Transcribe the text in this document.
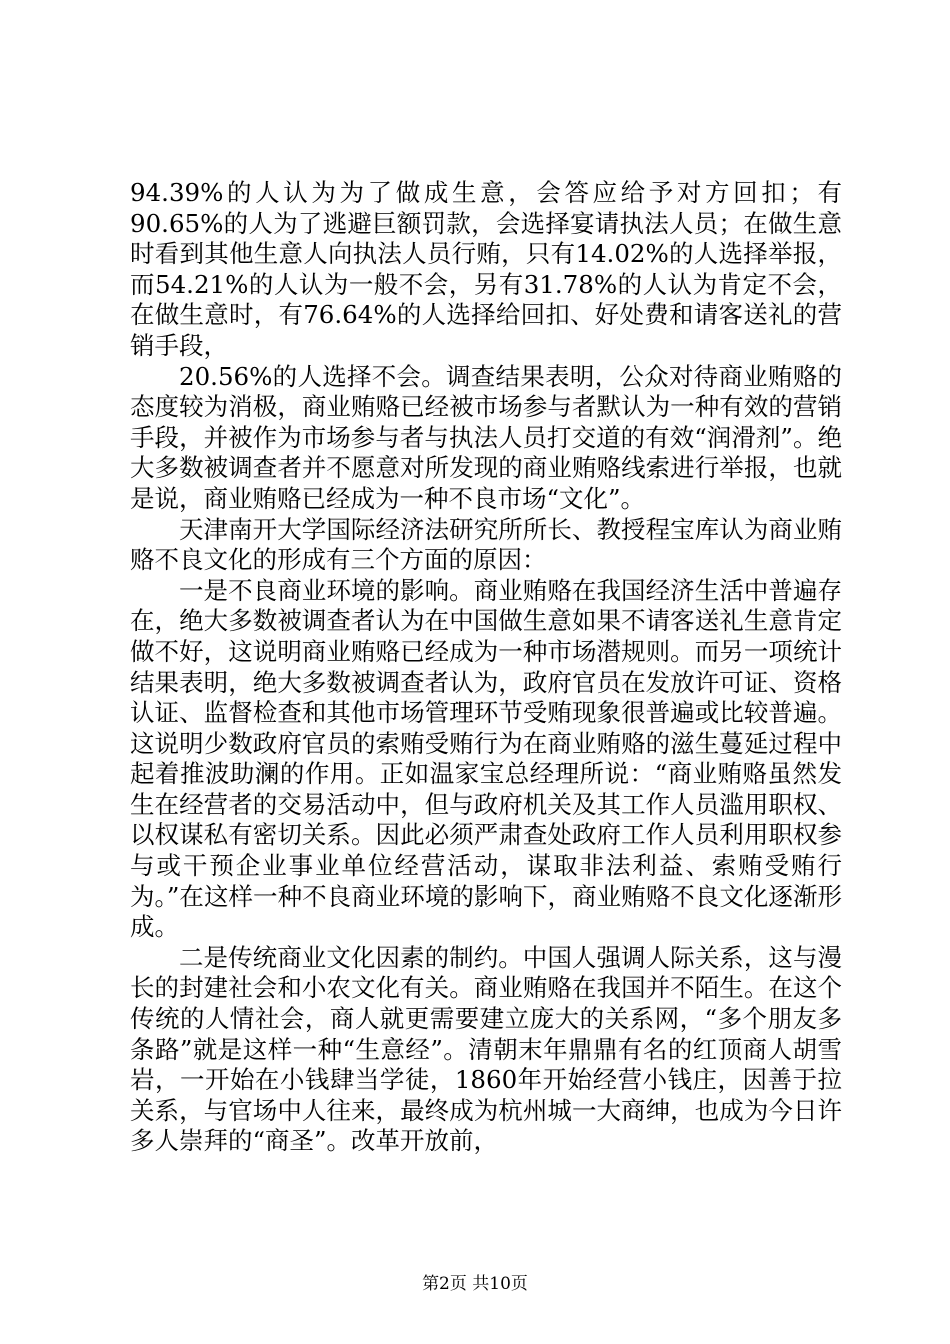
94.39%的人认为为了做成生意，会答应给予对方回扣；有90.65%的人为了逃避巨额罚款，会选择宴请执法人员；在做生意时看到其他生意人向执法人员行贿，只有14.02%的人选择举报，而54.21%的人认为一般不会，另有31.78%的人认为肯定不会，在做生意时，有76.64%的人选择给回扣、好处费和请客送礼的营销手段，

20.56%的人选择不会。调查结果表明，公众对待商业贿赂的态度较为消极，商业贿赂已经被市场参与者默认为一种有效的营销手段，并被作为市场参与者与执法人员打交道的有效“润滑剂”。绝大多数被调查者并不愿意对所发现的商业贿赂线索进行举报，也就是说，商业贿赂已经成为一种不良市场“文化”。

天津南开大学国际经济法研究所所长、教授程宝库认为商业贿赂不良文化的形成有三个方面的原因：

一是不良商业环境的影响。商业贿赂在我国经济生活中普遍存在，绝大多数被调查者认为在中国做生意如果不请客送礼生意肯定做不好，这说明商业贿赂已经成为一种市场潜规则。而另一项统计结果表明，绝大多数被调查者认为，政府官员在发放许可证、资格认证、监督检查和其他市场管理环节受贿现象很普遍或比较普遍。这说明少数政府官员的索贿受贿行为在商业贿赂的滋生蔓延过程中起着推波助澜的作用。正如温家宝总经理所说：“商业贿赂虽然发生在经营者的交易活动中，但与政府机关及其工作人员滥用职权、以权谋私有密切关系。因此必须严肃查处政府工作人员利用职权参与或干预企业事业单位经营活动，谋取非法利益、索贿受贿行为。”在这样一种不良商业环境的影响下，商业贿赂不良文化逐渐形成。

二是传统商业文化因素的制约。中国人强调人际关系，这与漫长的封建社会和小农文化有关。商业贿赂在我国并不陌生。在这个传统的人情社会，商人就更需要建立庞大的关系网，“多个朋友多条路”就是这样一种“生意经”。清朝末年鼎鼎有名的红顶商人胡雪岩，一开始在小钱肆当学徒，1860年开始经营小钱庄，因善于拉关系，与官场中人往来，最终成为杭州城一大商绅，也成为今日许多人崇拜的“商圣”。改革开放前，

第2页 共10页
